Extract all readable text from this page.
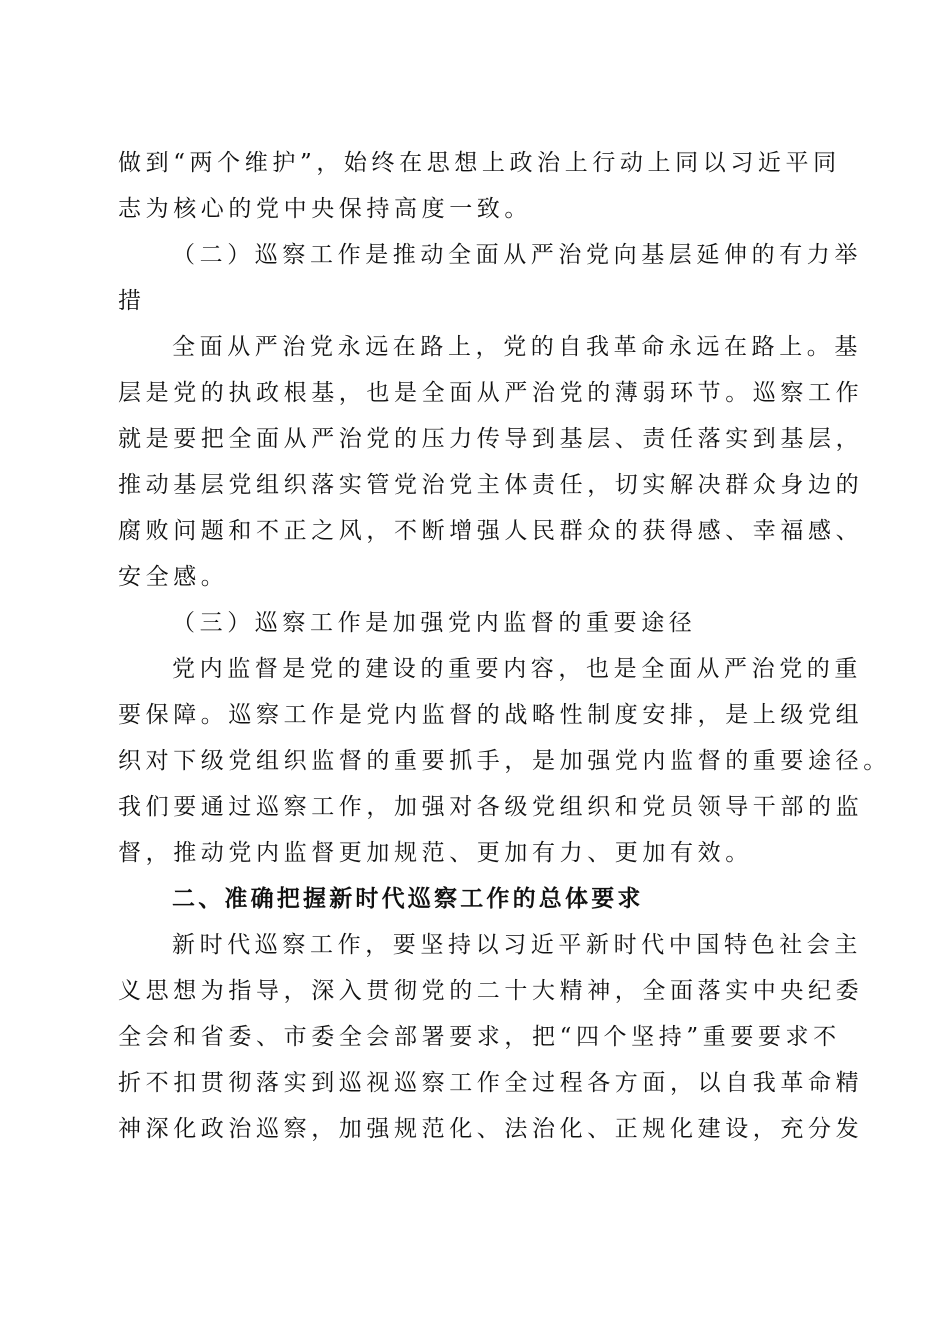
做到“两个维护”，始终在思想上政治上行动上同以习近平同
志为核心的党中央保持高度一致。
（二）巡察工作是推动全面从严治党向基层延伸的有力举
措
全面从严治党永远在路上，党的自我革命永远在路上。基
层是党的执政根基，也是全面从严治党的薄弱环节。巡察工作
就是要把全面从严治党的压力传导到基层、责任落实到基层，
推动基层党组织落实管党治党主体责任，切实解决群众身边的
腐败问题和不正之风，不断增强人民群众的获得感、幸福感、
安全感。
（三）巡察工作是加强党内监督的重要途径
党内监督是党的建设的重要内容，也是全面从严治党的重
要保障。巡察工作是党内监督的战略性制度安排，是上级党组
织对下级党组织监督的重要抓手，是加强党内监督的重要途径。
我们要通过巡察工作，加强对各级党组织和党员领导干部的监
督，推动党内监督更加规范、更加有力、更加有效。
二、准确把握新时代巡察工作的总体要求
新时代巡察工作，要坚持以习近平新时代中国特色社会主
义思想为指导，深入贯彻党的二十大精神，全面落实中央纪委
全会和省委、市委全会部署要求，把“四个坚持”重要要求不
折不扣贯彻落实到巡视巡察工作全过程各方面，以自我革命精
神深化政治巡察，加强规范化、法治化、正规化建设，充分发
